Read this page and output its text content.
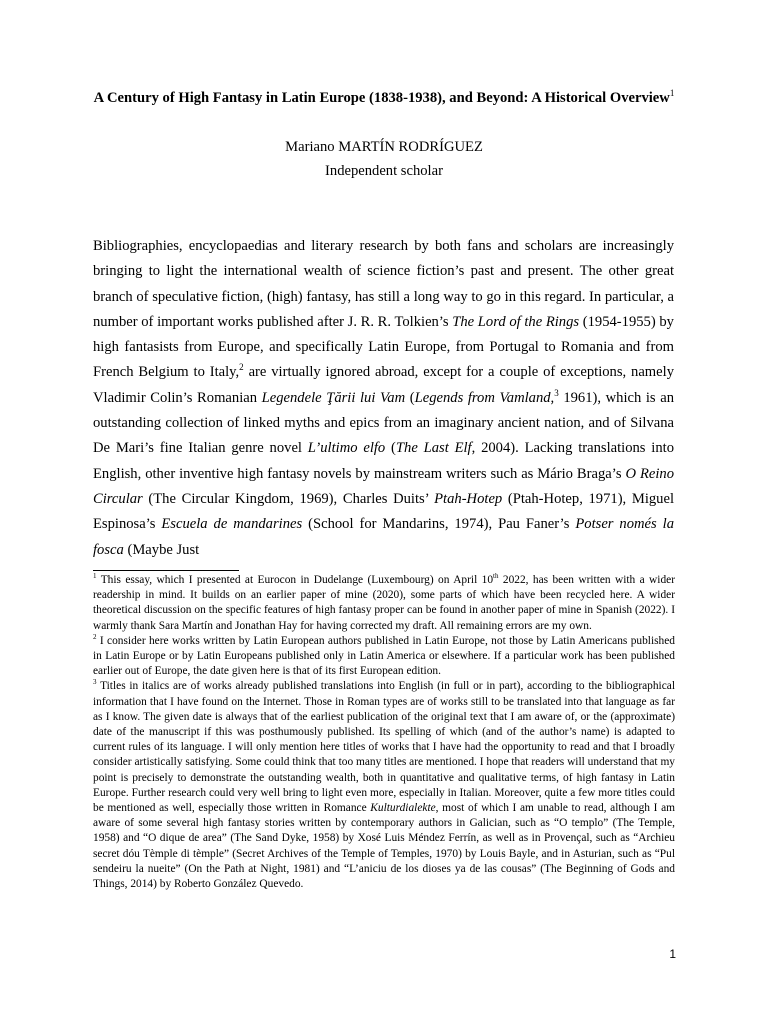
A Century of High Fantasy in Latin Europe (1838-1938), and Beyond: A Historical Overview$^1$

Mariano MARTÍN RODRÍGUEZ

Independent scholar

Bibliographies, encyclopaedias and literary research by both fans and scholars are increasingly bringing to light the international wealth of science fiction’s past and present. The other great branch of speculative fiction, (high) fantasy, has still a long way to go in this regard. In particular, a number of important works published after J. R. R. Tolkien’s The Lord of the Rings (1954-1955) by high fantasists from Europe, and specifically Latin Europe, from Portugal to Romania and from French Belgium to Italy,$^2$ are virtually ignored abroad, except for a couple of exceptions, namely Vladimir Colin’s Romanian Legendele Ţării lui Vam (Legends from Vamland,$^3$ 1961), which is an outstanding collection of linked myths and epics from an imaginary ancient nation, and of Silvana De Mari’s fine Italian genre novel L’ultimo elfo (The Last Elf, 2004). Lacking translations into English, other inventive high fantasy novels by mainstream writers such as Mário Braga’s O Reino Circular (The Circular Kingdom, 1969), Charles Duits’ Ptah-Hotep (Ptah-Hotep, 1971), Miguel Espinosa’s Escuela de mandarines (School for Mandarins, 1974), Pau Faner’s Potser només la fosca (Maybe Just

$^1$ This essay, which I presented at Eurocon in Dudelange (Luxembourg) on April 10th 2022, has been written with a wider readership in mind. It builds on an earlier paper of mine (2020), some parts of which have been recycled here. A wider theoretical discussion on the specific features of high fantasy proper can be found in another paper of mine in Spanish (2022). I warmly thank Sara Martín and Jonathan Hay for having corrected my draft. All remaining errors are my own.

$^2$ I consider here works written by Latin European authors published in Latin Europe, not those by Latin Americans published in Latin Europe or by Latin Europeans published only in Latin America or elsewhere. If a particular work has been published earlier out of Europe, the date given here is that of its first European edition.

$^3$ Titles in italics are of works already published translations into English (in full or in part), according to the bibliographical information that I have found on the Internet. Those in Roman types are of works still to be translated into that language as far as I know. The given date is always that of the earliest publication of the original text that I am aware of, or the (approximate) date of the manuscript if this was posthumously published. Its spelling of which (and of the author’s name) is adapted to current rules of its language. I will only mention here titles of works that I have had the opportunity to read and that I broadly consider artistically satisfying. Some could think that too many titles are mentioned. I hope that readers will understand that my point is precisely to demonstrate the outstanding wealth, both in quantitative and qualitative terms, of high fantasy in Latin Europe. Further research could very well bring to light even more, especially in Italian. Moreover, quite a few more titles could be mentioned as well, especially those written in Romance Kulturdialekte, most of which I am unable to read, although I am aware of some several high fantasy stories written by contemporary authors in Galician, such as “O templo” (The Temple, 1958) and “O dique de area” (The Sand Dyke, 1958) by Xosé Luis Méndez Ferrín, as well as in Provençal, such as “Archieu secret dóu Tèmple di tèmple” (Secret Archives of the Temple of Temples, 1970) by Louis Bayle, and in Asturian, such as “Pul sendeiru la nueite” (On the Path at Night, 1981) and “L’aniciu de los dioses ya de las cousas” (The Beginning of Gods and Things, 2014) by Roberto González Quevedo.

1
